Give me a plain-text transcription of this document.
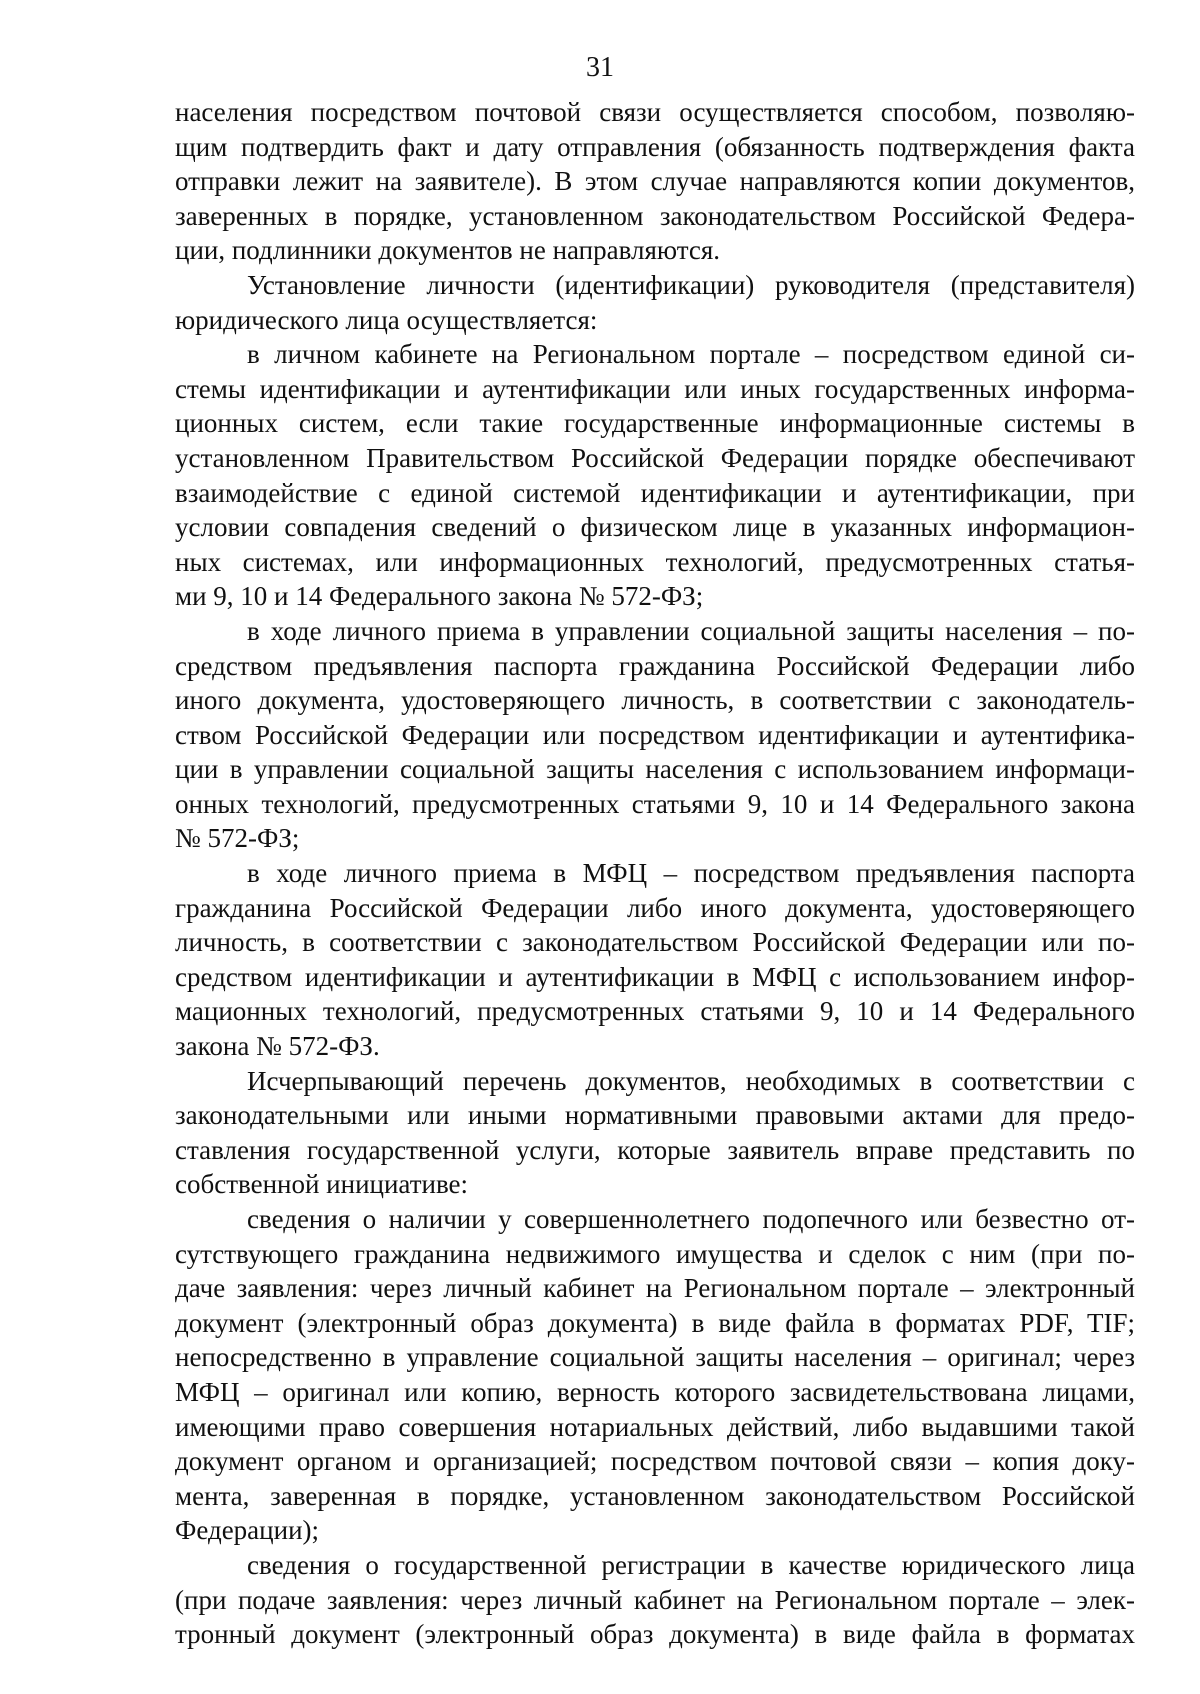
31
населения посредством почтовой связи осуществляется способом, позволяю-
щим подтвердить факт и дату отправления (обязанность подтверждения факта
отправки лежит на заявителе). В этом случае направляются копии документов,
заверенных в порядке, установленном законодательством Российской Федера-
ции, подлинники документов не направляются.
Установление личности (идентификации) руководителя (представителя)
юридического лица осуществляется:
в личном кабинете на Региональном портале – посредством единой си-
стемы идентификации и аутентификации или иных государственных информа-
ционных систем, если такие государственные информационные системы в
установленном Правительством Российской Федерации порядке обеспечивают
взаимодействие с единой системой идентификации и аутентификации, при
условии совпадения сведений о физическом лице в указанных информацион-
ных системах, или информационных технологий, предусмотренных статья-
ми 9, 10 и 14 Федерального закона № 572-ФЗ;
в ходе личного приема в управлении социальной защиты населения – по-
средством предъявления паспорта гражданина Российской Федерации либо
иного документа, удостоверяющего личность, в соответствии с законодатель-
ством Российской Федерации или посредством идентификации и аутентифика-
ции в управлении социальной защиты населения с использованием информаци-
онных технологий, предусмотренных статьями 9, 10 и 14 Федерального закона
№ 572-ФЗ;
в ходе личного приема в МФЦ – посредством предъявления паспорта
гражданина Российской Федерации либо иного документа, удостоверяющего
личность, в соответствии с законодательством Российской Федерации или по-
средством идентификации и аутентификации в МФЦ с использованием инфор-
мационных технологий, предусмотренных статьями 9, 10 и 14 Федерального
закона № 572-ФЗ.
Исчерпывающий перечень документов, необходимых в соответствии с
законодательными или иными нормативными правовыми актами для предо-
ставления государственной услуги, которые заявитель вправе представить по
собственной инициативе:
сведения о наличии у совершеннолетнего подопечного или безвестно от-
сутствующего гражданина недвижимого имущества и сделок с ним (при по-
даче заявления: через личный кабинет на Региональном портале – электронный
документ (электронный образ документа) в виде файла в форматах PDF, TIF;
непосредственно в управление социальной защиты населения – оригинал; через
МФЦ – оригинал или копию, верность которого засвидетельствована лицами,
имеющими право совершения нотариальных действий, либо выдавшими такой
документ органом и организацией; посредством почтовой связи – копия доку-
мента, заверенная в порядке, установленном законодательством Российской
Федерации);
сведения о государственной регистрации в качестве юридического лица
(при подаче заявления: через личный кабинет на Региональном портале – элек-
тронный документ (электронный образ документа) в виде файла в форматах
